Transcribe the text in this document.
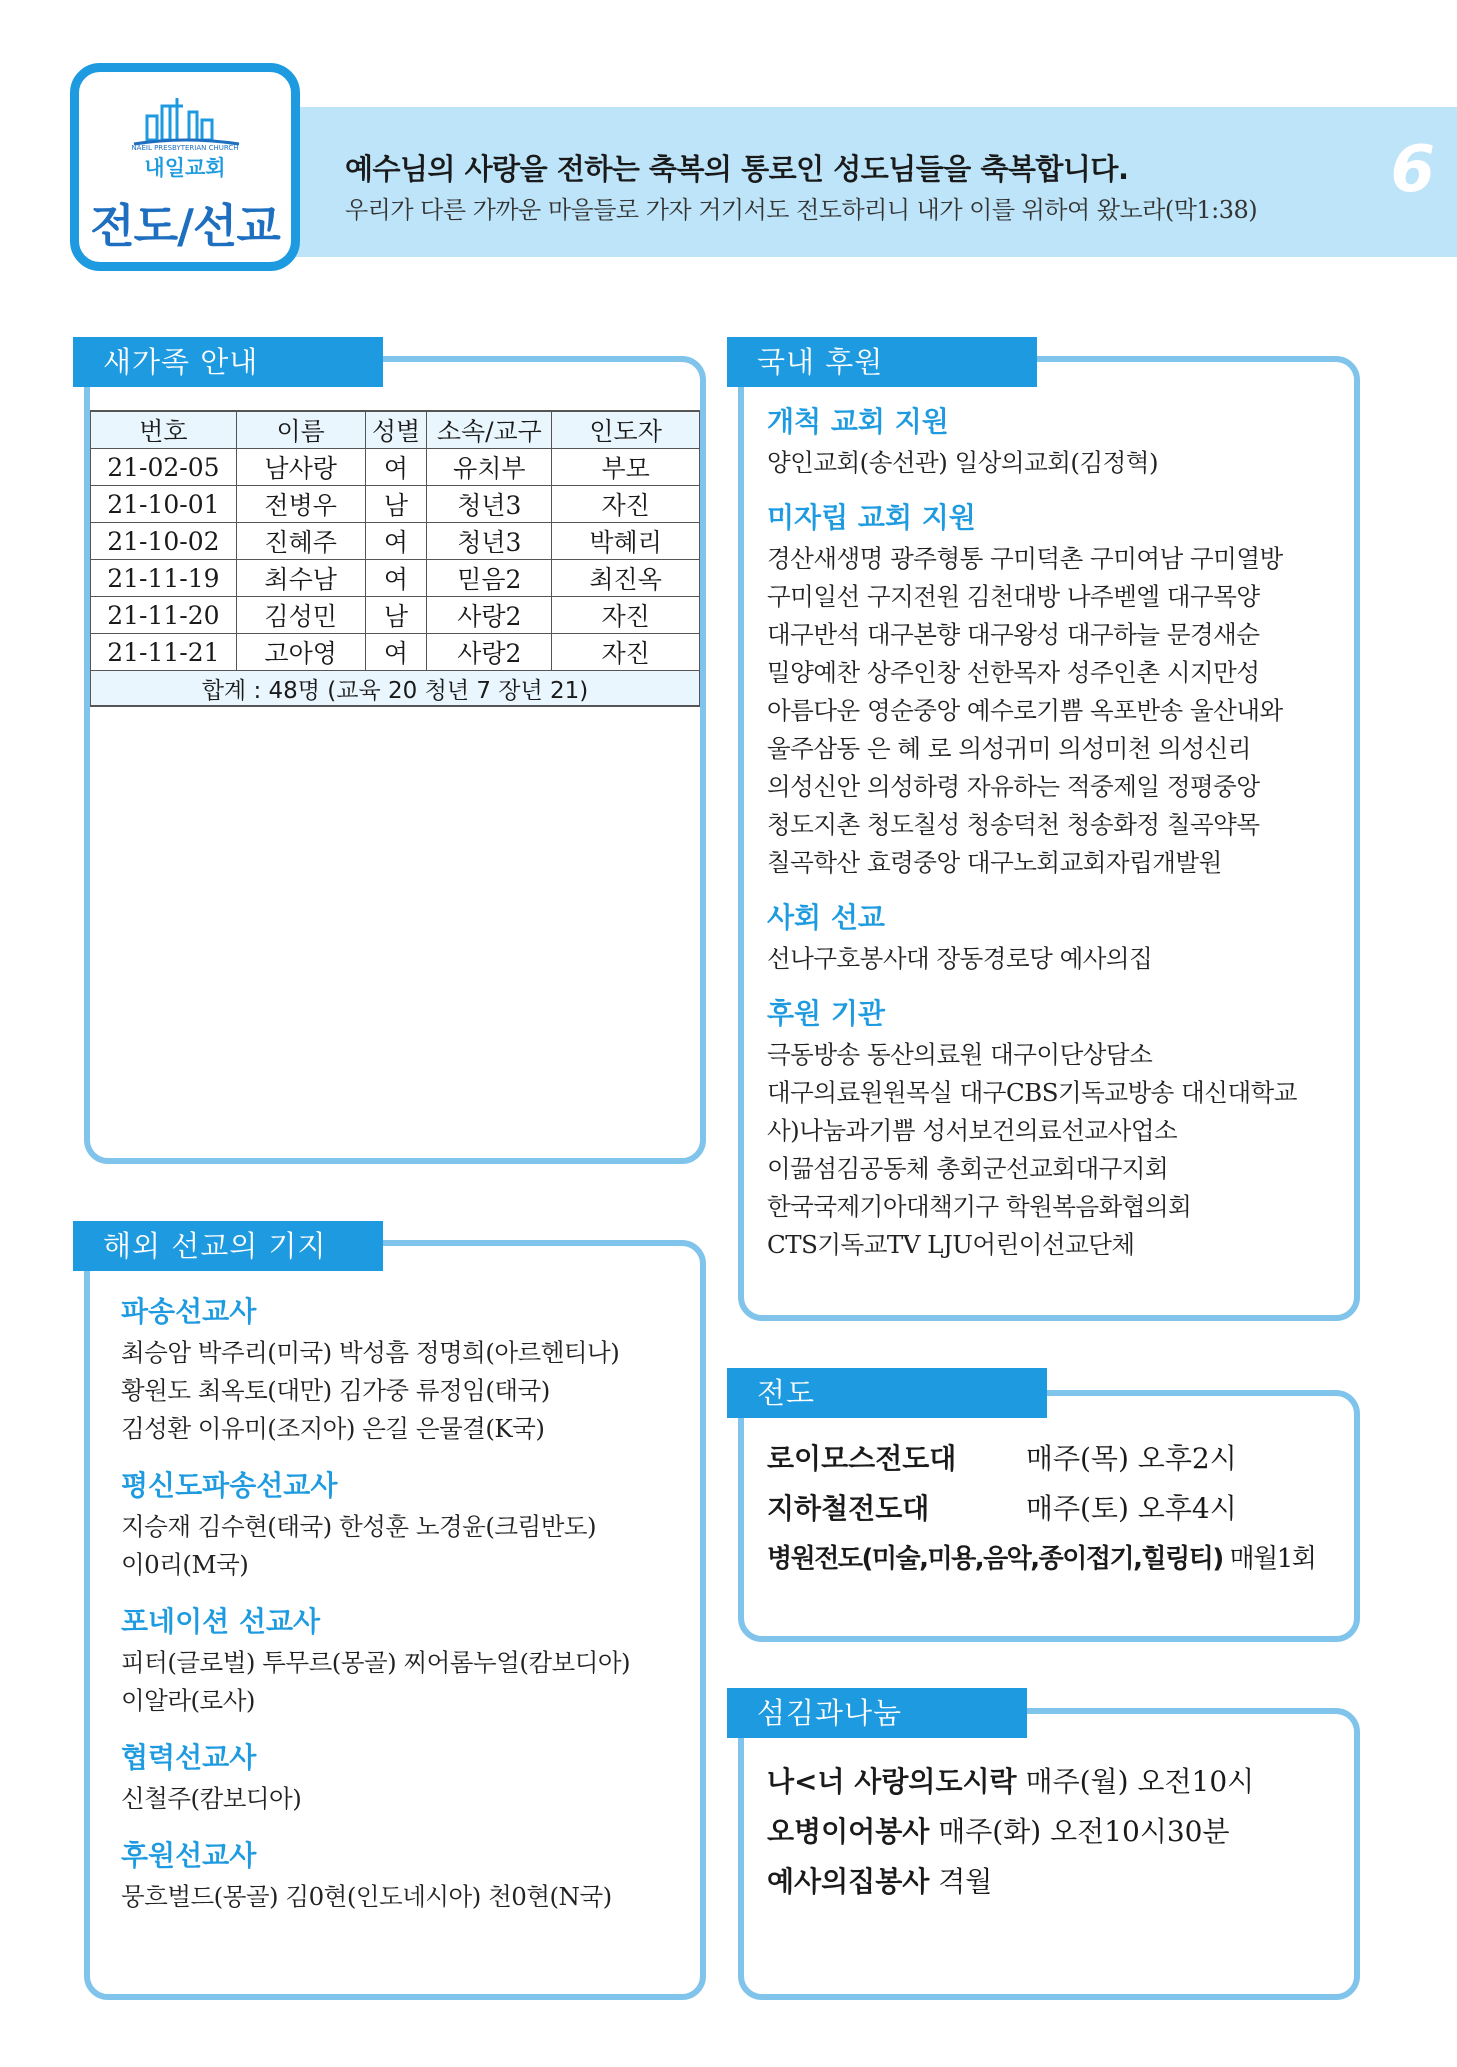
NAEIL PRESBYTERIAN CHURCH
내일교회
전도/선교
예수님의 사랑을 전하는 축복의 통로인 성도님들을 축복합니다.
우리가 다른 가까운 마을들로 가자 거기서도 전도하리니 내가 이를 위하여 왔노라(막1:38)
6
새가족 안내
번호	이름	성별	소속/교구	인도자
21-02-05	남사랑	여	유치부	부모
21-10-01	전병우	남	청년3	자진
21-10-02	진혜주	여	청년3	박혜리
21-11-19	최수남	여	믿음2	최진옥
21-11-20	김성민	남	사랑2	자진
21-11-21	고아영	여	사랑2	자진
합계 : 48명 (교육 20 청년 7 장년 21)				
해외 선교의 기지
파송선교사
최승암 박주리(미국) 박성흠 정명희(아르헨티나)
황원도 최옥토(대만) 김가중 류정임(태국)
김성환 이유미(조지아) 은길 은물결(K국)
평신도파송선교사
지승재 김수현(태국) 한성훈 노경윤(크림반도)
이0리(M국)
포네이션 선교사
피터(글로벌) 투무르(몽골) 찌어롬누얼(캄보디아)
이알라(로사)
협력선교사
신철주(캄보디아)
후원선교사
뭉흐벌드(몽골) 김0현(인도네시아) 천0현(N국)
국내 후원
개척 교회 지원
양인교회(송선관) 일상의교회(김정혁)
미자립 교회 지원
경산새생명 광주형통 구미덕촌 구미여남 구미열방
구미일선 구지전원 김천대방 나주벧엘 대구목양
대구반석 대구본향 대구왕성 대구하늘 문경새순
밀양예찬 상주인창 선한목자 성주인촌 시지만성
아름다운 영순중앙 예수로기쁨 옥포반송 울산내와
울주삼동 은 혜 로 의성귀미 의성미천 의성신리
의성신안 의성하령 자유하는 적중제일 정평중앙
청도지촌 청도칠성 청송덕천 청송화정 칠곡약목
칠곡학산 효령중앙 대구노회교회자립개발원
사회 선교
선나구호봉사대 장동경로당 예사의집
후원 기관
극동방송 동산의료원 대구이단상담소
대구의료원원목실 대구CBS기독교방송 대신대학교
사)나눔과기쁨 성서보건의료선교사업소
이끎섬김공동체 총회군선교회대구지회
한국국제기아대책기구 학원복음화협의회
CTS기독교TV LJU어린이선교단체
전도
로이모스전도대 매주(목) 오후2시
지하철전도대	매주(토) 오후4시
병원전도(미술,미용,음악,종이접기,힐링티) 매월1회
섬김과나눔
나<너 사랑의도시락 매주(월) 오전10시
오병이어봉사 매주(화) 오전10시30분
예사의집봉사 격월
